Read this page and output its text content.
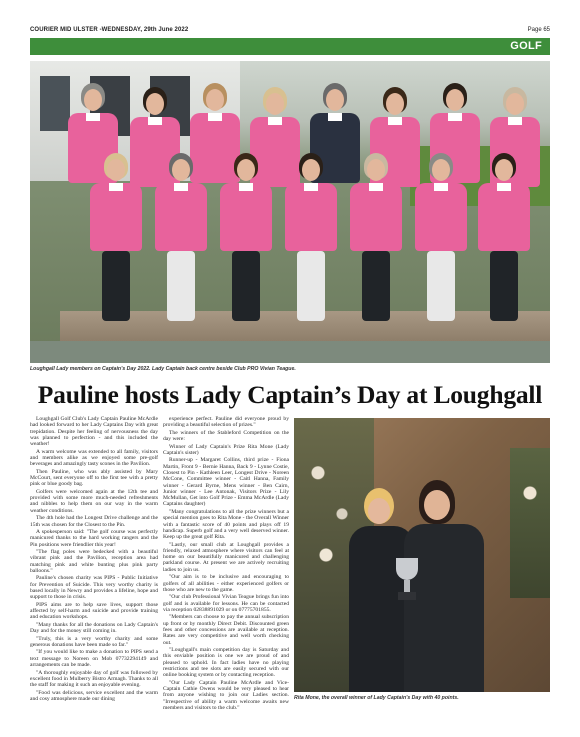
COURIER MID ULSTER -WEDNESDAY, 29th June 2022	Page 65
GOLF
Loughgall Lady members on Captain's Day 2022. Lady Captain back centre beside Club PRO Vivian Teague.
Pauline hosts Lady Captain’s Day at Loughgall

Loughgall Golf Club's Lady Captain Pauline McArdle had looked forward to her Lady Captains Day with great trepidation. Despite her feeling of nervousness the day was planned to perfection - and this included the weather!

A warm welcome was extended to all family, visitors and members alike as we enjoyed some pre-golf beverages and amazingly tasty scones in the Pavilion.

Then Pauline, who was ably assisted by Mary McCourt, sent everyone off to the first tee with a pretty pink or blue goody bag.

Golfers were welcomed again at the 12th tee and provided with some more much-needed refreshments and nibbles to help them on our way in the warm weather conditions.

The 4th hole had the Longest Drive challenge and the 15th was chosen for the Closest to the Pin.

A spokesperson said: "The golf course was perfectly manicured thanks to the hard working rangers and the Pin positions were friendlier this year!

"The flag poles were bedecked with a beautiful vibrant pink and the Pavilion, reception area had matching pink and white bunting plus pink party balloons."

Pauline's chosen charity was PIPS - Public Initiative for Prevention of Suicide. This very worthy charity is based locally in Newry and provides a lifeline, hope and support to those in crisis.

PIPS aims are to help save lives, support those affected by self-harm and suicide and provide training and education workshops.

"Many thanks for all the donations on Lady Captain's Day and for the money still coming in.

"Truly, this is a very worthy charity and some generous donations have been made so far."

"If you would like to make a donation to PIPS send a text message to Noreen on Mob 07732294149 and arrangements can be made.

"A thoroughly enjoyable day of golf was followed by excellent food in Mulberry Bistro Armagh. Thanks to all the staff for making it such an enjoyable evening.

"Food was delicious, service excellent and the warm and cosy atmosphere made our dining

experience perfect. Pauline did everyone proud by providing a beautiful selection of prizes."

The winners of the Stableford Competition on the day were:

Winner of Lady Captain's Prize Rita Mone (Lady Captain's sister)

Runner-up - Margaret Collins, third prize - Fiona Martin, Front 9 - Bernie Hanna, Back 9 - Lynne Costie, Closest to Pin - Kathleen Leer, Longest Drive - Noreen McCone, Committee winner - Caitl Hanna, Family winner - Gerard Byrne, Mens winner - Ben Cairn, Junior winner - Lee Antonak, Visitors Prize - Lily McMullan, Get into Golf Prize - Emma McArdle (Lady Captains daughter)

"Many congratulations to all the prize winners but a special mention goes to Rita Mone - the Overall Winner with a fantastic score of 40 points and plays off 19 handicap. Superb golf and a very well deserved winner. Keep up the great golf Rita.

"Lastly, our small club at Loughgall provides a friendly, relaxed atmosphere where visitors can feel at home on our beautifully manicured and challenging parkland course. At present we are actively recruiting ladies to join us.

"Our aim is to be inclusive and encouraging to golfers of all abilities - either experienced golfers or those who are new to the game.

"Our club Professional Vivian Teague brings fun into golf and is available for lessons. He can be contacted via reception 02838891029 or on 07775701855.

"Members can choose to pay the annual subscription up front or by monthly Direct Debit. Discounted green fees and other concessions are available at reception. Rates are very competitive and well worth checking out.

"Loughgall's main competition day is Saturday and this enviable position is one we are proud of and pleased to uphold. In fact ladies have no playing restrictions and tee slots are easily secured with our online booking system or by contacting reception.

"Our Lady Captain Pauline McArdle and Vice-Captain Cathie Owens would be very pleased to hear from anyone wishing to join our Ladies section. "Irrespective of ability a warm welcome awaits new members and visitors to the club."

Rita Mone, the overall winner of Lady Captain's Day with 40 points.
